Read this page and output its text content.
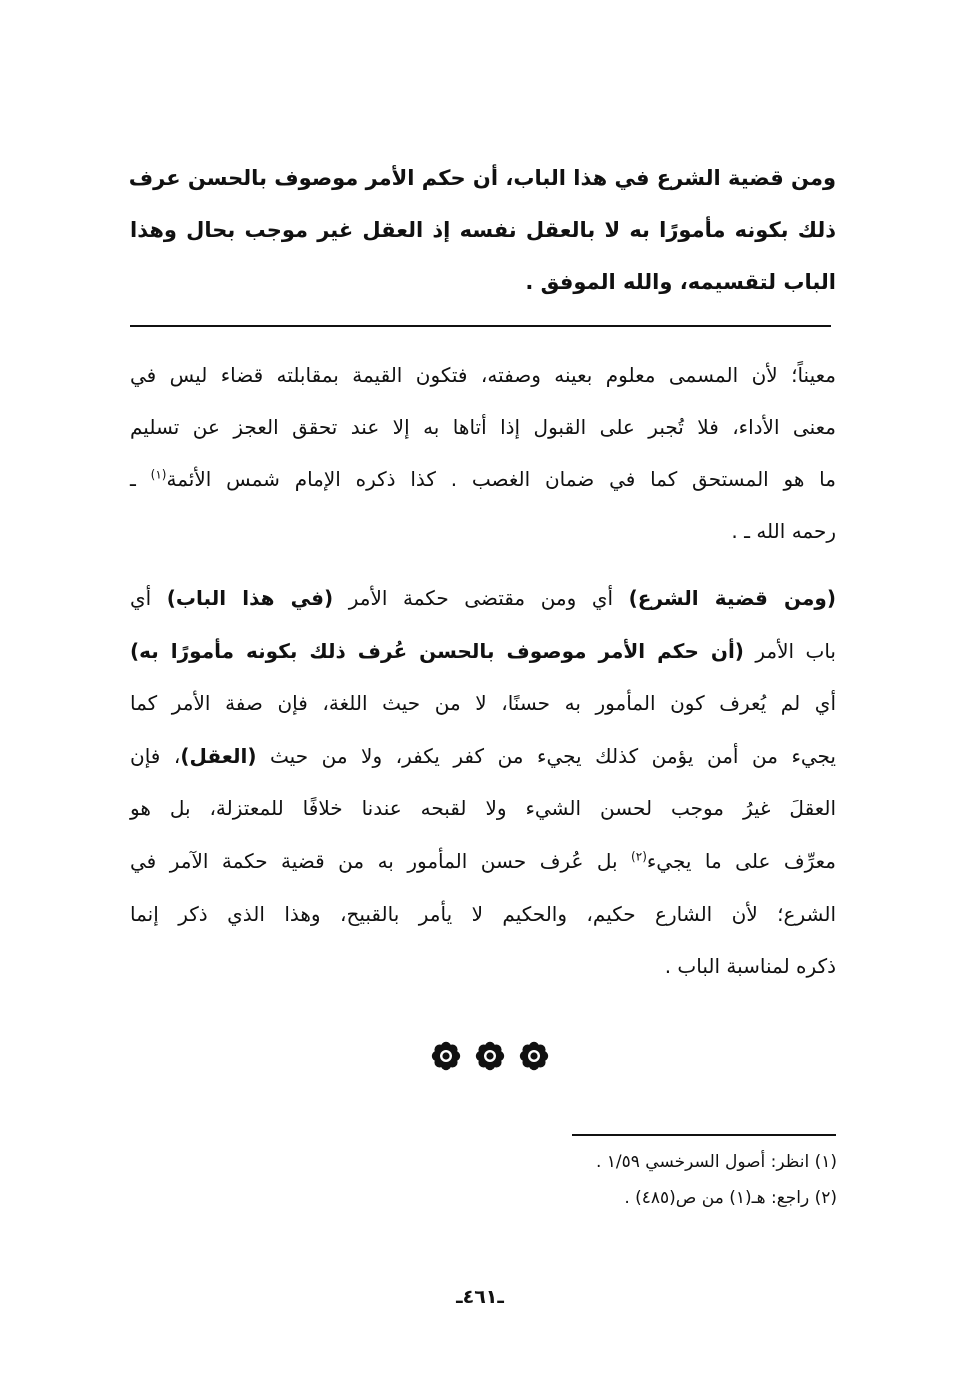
ومن قضية الشرع في هذا الباب، أن حكم الأمر موصوف بالحسن عرف
ذلك بكونه مأمورًا به لا بالعقل نفسه إذ العقل غير موجب بحال وهذا
الباب لتقسيمه، والله الموفق .
معيناً؛ لأن المسمى معلوم بعينه وصفته، فتكون القيمة بمقابلته قضاء ليس في
معنى الأداء، فلا تُجبر على القبول إذا أتاها به إلا عند تحقق العجز عن تسليم
ما هو المستحق كما في ضمان الغصب . كذا ذكره الإمام شمس الأئمة$^{(١)}$ ـ
رحمه الله ـ .
(ومن قضية الشرع) أي ومن مقتضى حكمة الأمر (في هذا الباب) أي
باب الأمر (أن حكم الأمر موصوف بالحسن عُرف ذلك بكونه مأمورًا به)
أي لم يُعرف كون المأمور به حسنًا، لا من حيث اللغة، فإن صفة الأمر كما
يجيء من أمن يؤمن كذلك يجيء من كفر يكفر، ولا من حيث (العقل)، فإن
العقلَ غيرُ موجب لحسن الشيء ولا لقبحه عندنا خلافًا للمعتزلة، بل هو
معرِّف على ما يجيء$^{(٢)}$ بل عُرف حسن المأمور به من قضية حكمة الآمر في
الشرع؛ لأن الشارع حكيم، والحكيم لا يأمر بالقبيح، وهذا الذي ذكر إنما
ذكره لمناسبة الباب .
(١) انظر: أصول السرخسي ١/٥٩ .
(٢) راجع: هـ(١) من ص(٤٨٥) .
ـ٤٦١ـ
